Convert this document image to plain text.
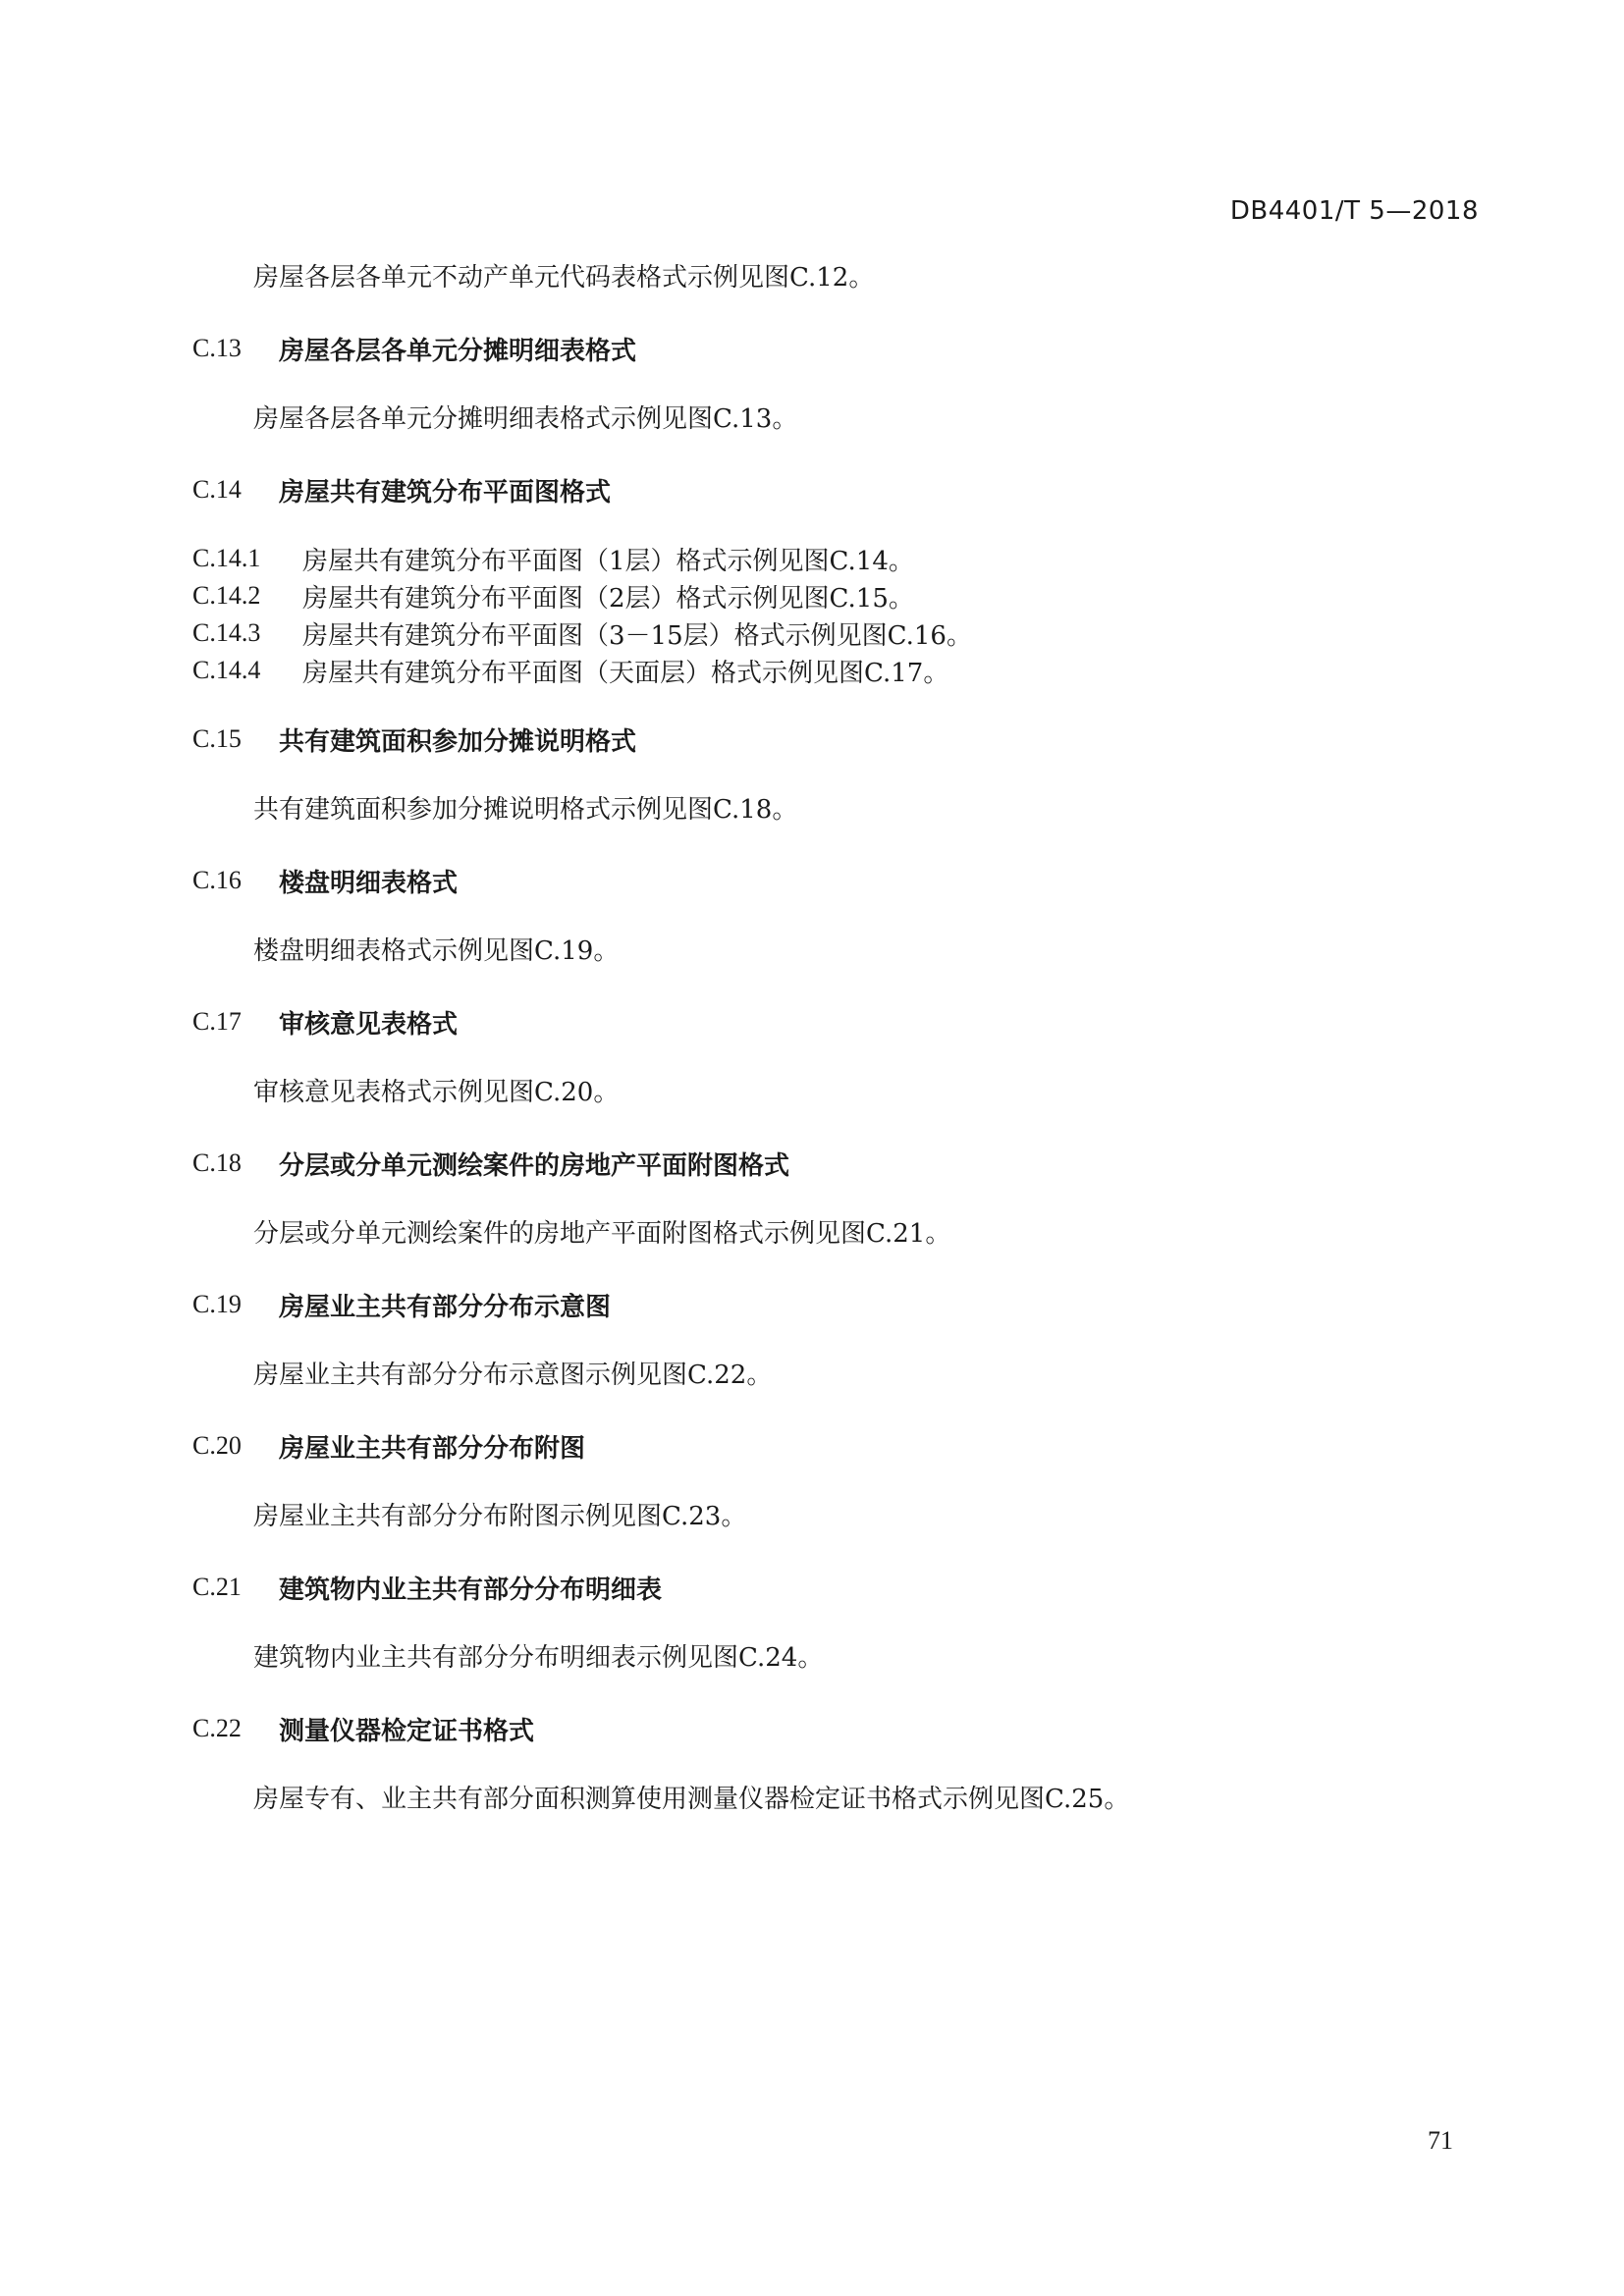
DB4401/T 5—2018

房屋各层各单元不动产单元代码表格式示例见图C.12。

C.13	房屋各层各单元分摊明细表格式

房屋各层各单元分摊明细表格式示例见图C.13。

C.14	房屋共有建筑分布平面图格式
C.14.1	房屋共有建筑分布平面图（1层）格式示例见图C.14。
C.14.2	房屋共有建筑分布平面图（2层）格式示例见图C.15。
C.14.3	房屋共有建筑分布平面图（3－15层）格式示例见图C.16。
C.14.4	房屋共有建筑分布平面图（天面层）格式示例见图C.17。
C.15	共有建筑面积参加分摊说明格式

共有建筑面积参加分摊说明格式示例见图C.18。

C.16	楼盘明细表格式

楼盘明细表格式示例见图C.19。

C.17	审核意见表格式

审核意见表格式示例见图C.20。

C.18	分层或分单元测绘案件的房地产平面附图格式

分层或分单元测绘案件的房地产平面附图格式示例见图C.21。

C.19	房屋业主共有部分分布示意图

房屋业主共有部分分布示意图示例见图C.22。

C.20	房屋业主共有部分分布附图

房屋业主共有部分分布附图示例见图C.23。

C.21	建筑物内业主共有部分分布明细表

建筑物内业主共有部分分布明细表示例见图C.24。

C.22	测量仪器检定证书格式

房屋专有、业主共有部分面积测算使用测量仪器检定证书格式示例见图C.25。

71
